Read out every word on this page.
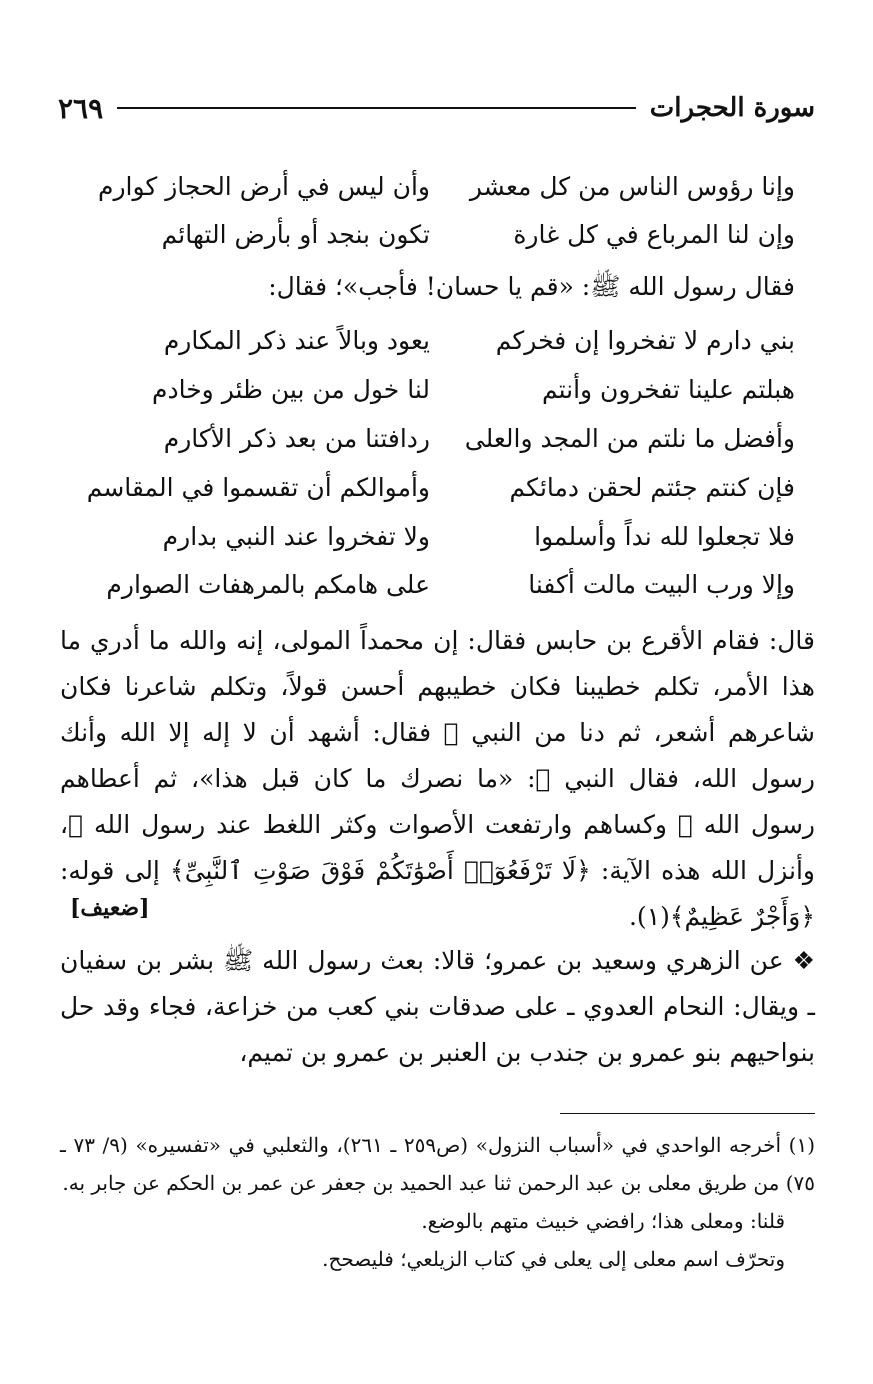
سورة الحجرات
٢٦٩
وإنا رؤوس الناس من كل معشر
وأن ليس في أرض الحجاز كوارم
وإن لنا المرباع في كل غارة
تكون بنجد أو بأرض التهائم
فقال رسول الله ﷺ: «قم يا حسان! فأجب»؛ فقال:
بني دارم لا تفخروا إن فخركم
يعود وبالاً عند ذكر المكارم
هبلتم علينا تفخرون وأنتم
لنا خول من بين ظئر وخادم
وأفضل ما نلتم من المجد والعلى
ردافتنا من بعد ذكر الأكارم
فإن كنتم جئتم لحقن دمائكم
وأموالكم أن تقسموا في المقاسم
فلا تجعلوا لله نداً وأسلموا
ولا تفخروا عند النبي بدارم
وإلا ورب البيت مالت أكفنا
على هامكم بالمرهفات الصوارم
قال: فقام الأقرع بن حابس فقال: إن محمداً المولى، إنه والله ما أدري ما هذا الأمر، تكلم خطيبنا فكان خطيبهم أحسن قولاً، وتكلم شاعرنا فكان شاعرهم أشعر، ثم دنا من النبي ﷺ فقال: أشهد أن لا إله إلا الله وأنك رسول الله، فقال النبي ﷺ: «ما نصرك ما كان قبل هذا»، ثم أعطاهم رسول الله ﷺ وكساهم وارتفعت الأصوات وكثر اللغط عند رسول الله ﷺ، وأنزل الله هذه الآية: ﴿لَا تَرْفَعُوٓا۟ أَصْوَٰتَكُمْ فَوْقَ صَوْتِ ٱلنَّبِىِّ﴾ إلى قوله: ﴿وَأَجْرٌ عَظِيمٌ﴾(١).
[ضعيف]
❖ عن الزهري وسعيد بن عمرو؛ قالا: بعث رسول الله ﷺ بشر بن سفيان ـ ويقال: النحام العدوي ـ على صدقات بني كعب من خزاعة، فجاء وقد حل بنواحيهم بنو عمرو بن جندب بن العنبر بن عمرو بن تميم،

(١) أخرجه الواحدي في «أسباب النزول» (ص٢٥٩ ـ ٢٦١)، والثعلبي في «تفسيره» (٩/ ٧٣ ـ ٧٥) من طريق معلى بن عبد الرحمن ثنا عبد الحميد بن جعفر عن عمر بن الحكم عن جابر به.

قلنا: ومعلى هذا؛ رافضي خبيث متهم بالوضع.

وتحرّف اسم معلى إلى يعلى في كتاب الزيلعي؛ فليصحح.
